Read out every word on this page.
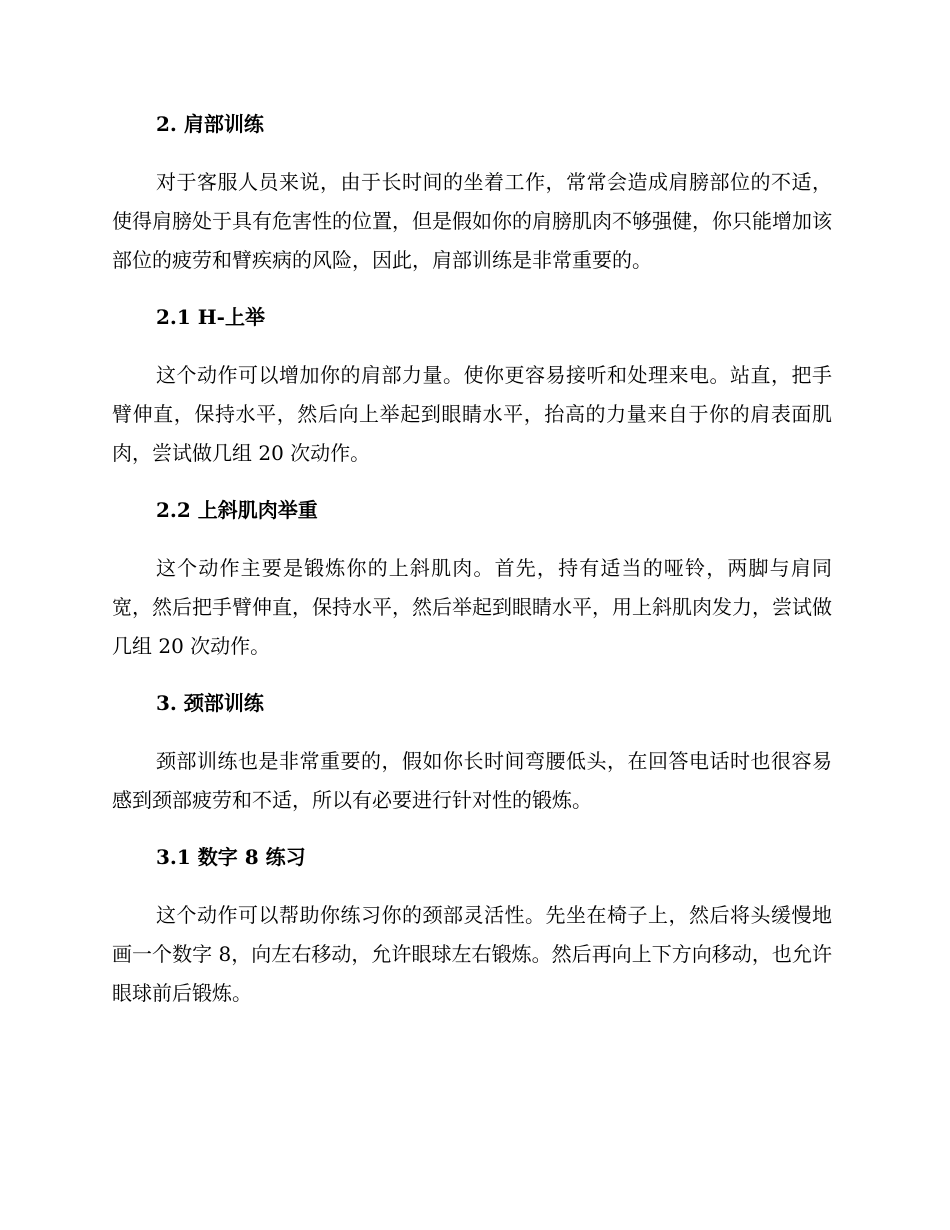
2. 肩部训练

对于客服人员来说，由于长时间的坐着工作，常常会造成肩膀部位的不适，使得肩膀处于具有危害性的位置，但是假如你的肩膀肌肉不够强健，你只能增加该部位的疲劳和臂疾病的风险，因此，肩部训练是非常重要的。

2.1 H-上举

这个动作可以增加你的肩部力量。使你更容易接听和处理来电。站直，把手臂伸直，保持水平，然后向上举起到眼睛水平，抬高的力量来自于你的肩表面肌肉，尝试做几组 20 次动作。

2.2 上斜肌肉举重

这个动作主要是锻炼你的上斜肌肉。首先，持有适当的哑铃，两脚与肩同宽，然后把手臂伸直，保持水平，然后举起到眼睛水平，用上斜肌肉发力，尝试做几组 20 次动作。

3. 颈部训练

颈部训练也是非常重要的，假如你长时间弯腰低头，在回答电话时也很容易感到颈部疲劳和不适，所以有必要进行针对性的锻炼。

3.1 数字 8 练习

这个动作可以帮助你练习你的颈部灵活性。先坐在椅子上，然后将头缓慢地画一个数字 8，向左右移动，允许眼球左右锻炼。然后再向上下方向移动，也允许眼球前后锻炼。
